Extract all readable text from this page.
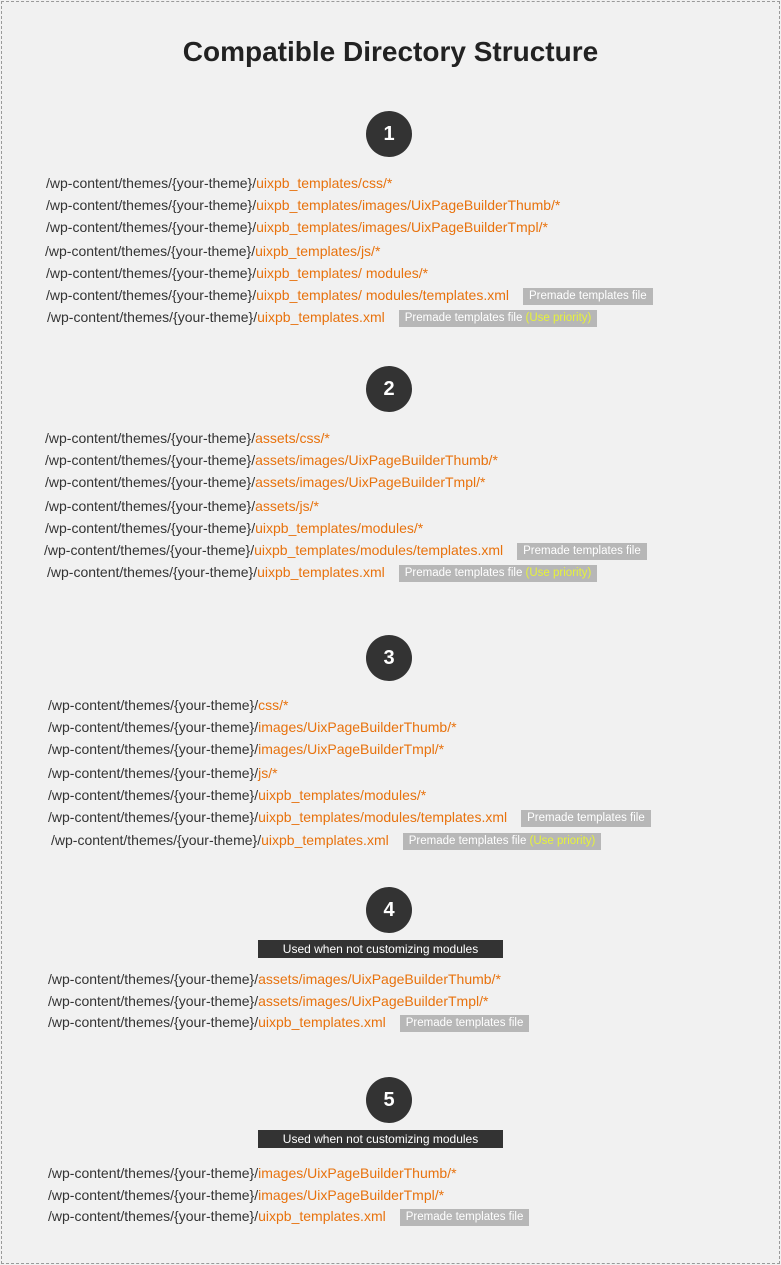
Compatible Directory Structure
1
/wp-content/themes/{your-theme}/uixpb_templates/css/*
/wp-content/themes/{your-theme}/uixpb_templates/images/UixPageBuilderThumb/*
/wp-content/themes/{your-theme}/uixpb_templates/images/UixPageBuilderTmpl/*
/wp-content/themes/{your-theme}/uixpb_templates/js/*
/wp-content/themes/{your-theme}/uixpb_templates/ modules/*
/wp-content/themes/{your-theme}/uixpb_templates/ modules/templates.xml Premade templates file
/wp-content/themes/{your-theme}/uixpb_templates.xml Premade templates file (Use priority)
2
/wp-content/themes/{your-theme}/assets/css/*
/wp-content/themes/{your-theme}/assets/images/UixPageBuilderThumb/*
/wp-content/themes/{your-theme}/assets/images/UixPageBuilderTmpl/*
/wp-content/themes/{your-theme}/assets/js/*
/wp-content/themes/{your-theme}/uixpb_templates/modules/*
/wp-content/themes/{your-theme}/uixpb_templates/modules/templates.xml Premade templates file
/wp-content/themes/{your-theme}/uixpb_templates.xml Premade templates file (Use priority)
3
/wp-content/themes/{your-theme}/css/*
/wp-content/themes/{your-theme}/images/UixPageBuilderThumb/*
/wp-content/themes/{your-theme}/images/UixPageBuilderTmpl/*
/wp-content/themes/{your-theme}/js/*
/wp-content/themes/{your-theme}/uixpb_templates/modules/*
/wp-content/themes/{your-theme}/uixpb_templates/modules/templates.xml Premade templates file
/wp-content/themes/{your-theme}/uixpb_templates.xml Premade templates file (Use priority)
4
Used when not customizing modules
/wp-content/themes/{your-theme}/assets/images/UixPageBuilderThumb/*
/wp-content/themes/{your-theme}/assets/images/UixPageBuilderTmpl/*
/wp-content/themes/{your-theme}/uixpb_templates.xml Premade templates file
5
Used when not customizing modules
/wp-content/themes/{your-theme}/images/UixPageBuilderThumb/*
/wp-content/themes/{your-theme}/images/UixPageBuilderTmpl/*
/wp-content/themes/{your-theme}/uixpb_templates.xml Premade templates file
